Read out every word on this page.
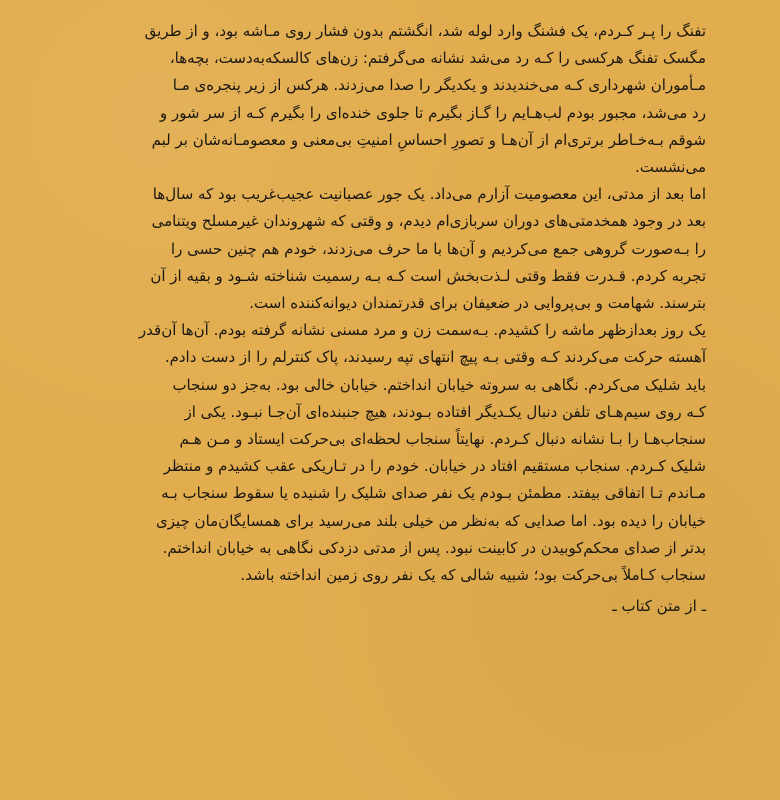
تفنگ را پـر کـردم، یک فشنگ وارد لوله شد، انگشتم بدون فشار روی مـاشه بود، و از طریق
مگسک تفنگ هرکسی را کـه رد می‌شد نشانه می‌گرفتم: زن‌های کالسکه‌به‌دست، بچه‌ها،
مـأموران شهرداری کـه می‌خندیدند و یکدیگر را صدا می‌زدند. هرکس از زیر پنجره‌ی مـا
رد می‌شد، مجبور بودم لب‌هـایم را گـاز بگیرم تا جلوی خنده‌ای را بگیرم کـه از سر شور و
شوقم بـه‌خـاطر برتری‌ام از آن‌هـا و تصورِ احساسِ امنیتِ بی‌معنی و معصومـانه‌شان بر لبم
می‌نشست.
اما بعد از مدتی، این معصومیت آزارم می‌داد. یک جور عصبانیت عجیب‌غریب بود که سال‌ها
بعد در وجود همخدمتی‌های دوران سربازی‌ام دیدم، و وقتی که شهروندان غیرمسلح ویتنامی
را بـه‌صورت گروهی جمع می‌کردیم و آن‌ها با ما حرف می‌زدند، خودم هم چنین حسی را
تجربه کردم. قـدرت فقط وقتی لـذت‌بخش است کـه بـه رسمیت شناخته شـود و بقیه از آن
بترسند. شهامت و بی‌پروایی در ضعیفان برای قدرتمندان دیوانه‌کننده است.
یک روز بعدازظهر ماشه را کشیدم. بـه‌سمت زن و مرد مسنی نشانه گرفته بودم. آن‌ها آن‌قدر
آهسته حرکت می‌کردند کـه وقتی بـه پیچ انتهای تپه رسیدند، پاک کنترلم را از دست دادم.
باید شلیک می‌کردم. نگاهی به سروته خیابان انداختم. خیابان خالی بود. به‌جز دو سنجاب
کـه روی سیم‌هـای تلفن دنبال یکـدیگر افتاده بـودند، هیچ جنبنده‌ای آن‌جـا نبـود. یکی از
سنجاب‌هـا را بـا نشانه دنبال کـردم. نهایتاً سنجاب لحظه‌ای بی‌حرکت ایستاد و مـن هـم
شلیک کـردم. سنجاب مستقیم افتاد در خیابان. خودم را در تـاریکی عقب کشیدم و منتظر
مـاندم تـا اتفاقی بیفتد. مطمئن بـودم یک نفر صدای شلیک را شنیده یا سقوط سنجاب بـه
خیابان را دیده بود. اما صدایی که به‌نظر من خیلی بلند می‌رسید برای همسایگان‌مان چیزی
بدتر از صدای محکم‌کوبیدن در کابینت نبود. پس از مدتی دزدکی نگاهی به خیابان انداختم.
سنجاب کـاملاً بی‌حرکت بود؛ شبیه شالی که یک نفر روی زمین انداخته باشد.
ـ از متن کتاب ـ
